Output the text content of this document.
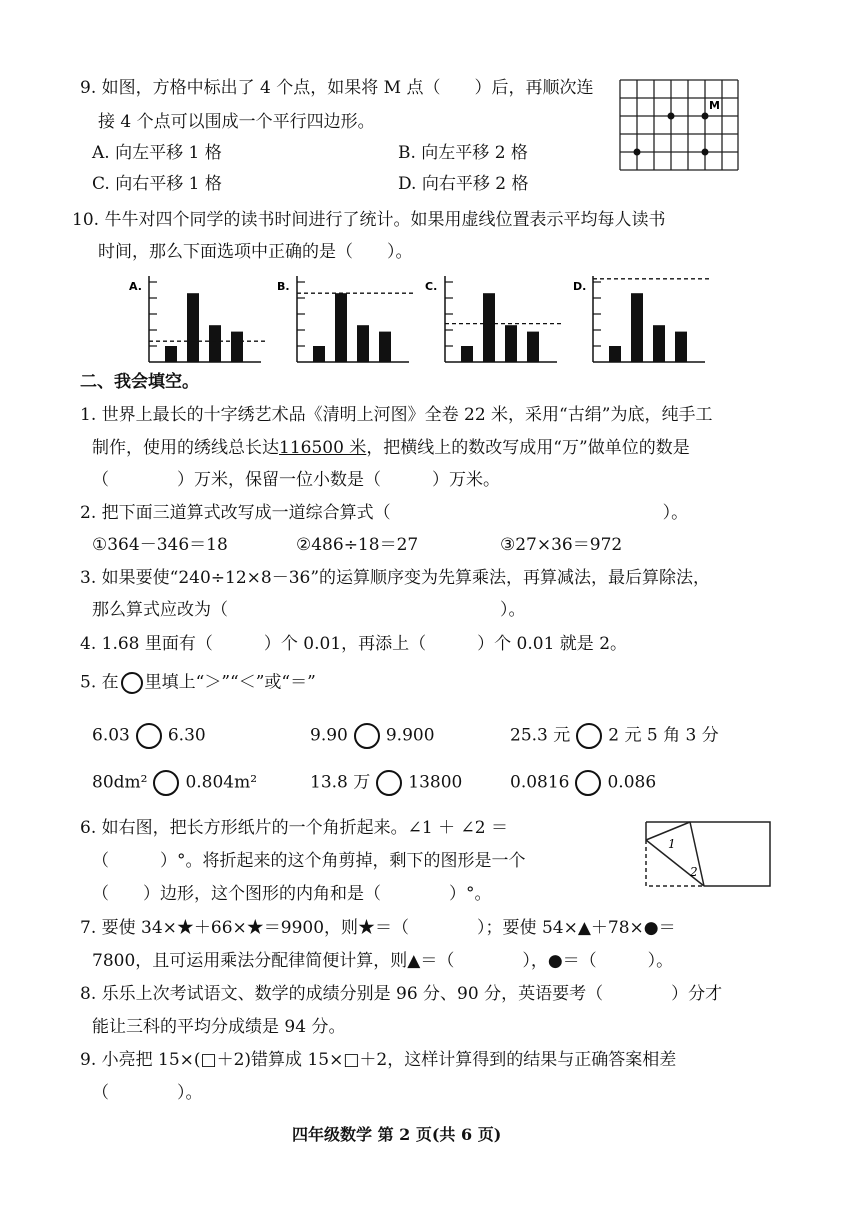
9. 如图，方格中标出了 4 个点，如果将 M 点（　　）后，再顺次连
接 4 个点可以围成一个平行四边形。
A. 向左平移 1 格	B. 向左平移 2 格
C. 向右平移 1 格	D. 向右平移 2 格
M
10. 牛牛对四个同学的读书时间进行了统计。如果用虚线位置表示平均每人读书
时间，那么下面选项中正确的是（　　）。
A.	B.	C.	D.
二、我会填空。
1. 世界上最长的十字绣艺术品《清明上河图》全卷 22 米，采用“古绢”为底，纯手工
制作，使用的绣线总长达116500 米，把横线上的数改写成用“万”做单位的数是
（　　　　）万米，保留一位小数是（　　　）万米。
2. 把下面三道算式改写成一道综合算式（　　　　　　　　　　　　　　　　）。
①364－346＝18	②486÷18＝27	③27×36＝972
3. 如果要使“240÷12×8－36”的运算顺序变为先算乘法，再算减法，最后算除法，
那么算式应改为（　　　　　　　　　　　　　　　　）。
4. 1.68 里面有（　　　）个 0.01，再添上（　　　）个 0.01 就是 2。
5. 在 里填上“＞”“＜”或“＝”
6.03 6.30	9.90 9.900	25.3 元 2 元 5 角 3 分
80dm² 0.804m²	13.8 万 13800	0.0816 0.086
6. 如右图，把长方形纸片的一个角折起来。∠1 ＋ ∠2 ＝
（　　　）°。将折起来的这个角剪掉，剩下的图形是一个
（　　）边形，这个图形的内角和是（　　　　）°。
1
2
7. 要使 34×★＋66×★＝9900，则★＝（　　　　）；要使 54×▲＋78×●＝
7800，且可运用乘法分配律简便计算，则▲＝（　　　　），●＝（　　　）。
8. 乐乐上次考试语文、数学的成绩分别是 96 分、90 分，英语要考（　　　　）分才
能让三科的平均分成绩是 94 分。
9. 小亮把 15×(□＋2)错算成 15×□＋2，这样计算得到的结果与正确答案相差
（　　　　）。
四年级数学 第 2 页(共 6 页)
